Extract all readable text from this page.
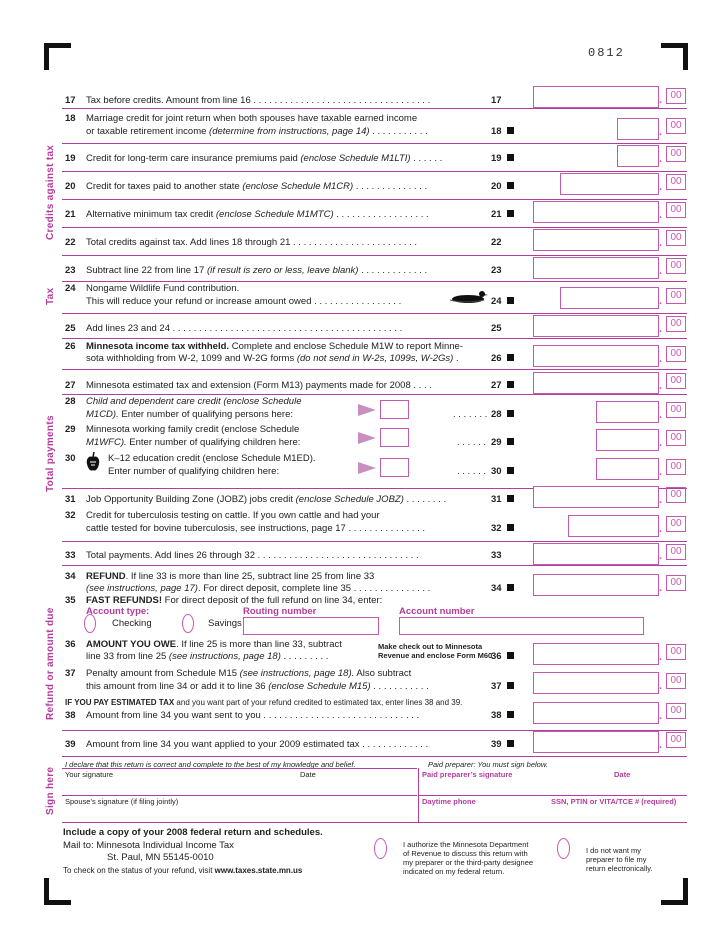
0812
Credits against tax
Tax
Total payments
Refund or amount due
Sign here
17 Tax before credits. Amount from line 16 . . . . . . . . . . . . . . . . . . . . . . . . . . . . . . . . . .	17	. 00
18 Marriage credit for joint return when both spouses have taxable earned income
or taxable retirement income (determine from instructions, page 14) . . . . . . . . . . .	18	.
00
19 Credit for long-term care insurance premiums paid (enclose Schedule M1LTI) . . . . . .	19	. 00
20 Credit for taxes paid to another state (enclose Schedule M1CR) . . . . . . . . . . . . . .	20	. 00
21 Alternative minimum tax credit (enclose Schedule M1MTC) . . . . . . . . . . . . . . . . . .	21	. 00
22 Total credits against tax. Add lines 18 through 21 . . . . . . . . . . . . . . . . . . . . . . . .	22	. 00
23 Subtract line 22 from line 17 (if result is zero or less, leave blank) . . . . . . . . . . . . .	23	. 00
24 Nongame Wildlife Fund contribution.
This will reduce your refund or increase amount owed . . . . . . . . . . . . . . . . .	24	. 00
25 Add lines 23 and 24 . . . . . . . . . . . . . . . . . . . . . . . . . . . . . . . . . . . . . . . . . . . .	25	. 00
26 Minnesota income tax withheld. Complete and enclose Schedule M1W to report Minne-
sota withholding from W-2, 1099 and W-2G forms (do not send in W-2s, 1099s, W-2Gs) .	26	. 00
27 Minnesota estimated tax and extension (Form M13) payments made for 2008 . . . .	27	. 00
28 Child and dependent care credit (enclose Schedule
M1CD). Enter number of qualifying persons here:	. . . . . . . 28	. 00
29 Minnesota working family credit (enclose Schedule
M1WFC). Enter number of qualifying children here:	. . . . . . 29	. 00
30	K–12 education credit (enclose Schedule M1ED).
Enter number of qualifying children here:	. . . . . . 30	. 00
31 Job Opportunity Building Zone (JOBZ) jobs credit (enclose Schedule JOBZ) . . . . . . . .	31	. 00
32 Credit for tuberculosis testing on cattle. If you own cattle and had your
cattle tested for bovine tuberculosis, see instructions, page 17 . . . . . . . . . . . . . . .	32	. 00
33 Total payments. Add lines 26 through 32 . . . . . . . . . . . . . . . . . . . . . . . . . . . . . . .	33	. 00
34 REFUND. If line 33 is more than line 25, subtract line 25 from line 33
(see instructions, page 17). For direct deposit, complete line 35 . . . . . . . . . . . . . . .	34	. 00
35 FAST REFUNDS! For direct deposit of the full refund on line 34, enter:
Account type:	Routing number	Account number
Checking	Savings
36 AMOUNT YOU OWE. If line 25 is more than line 33, subtract
line 33 from line 25 (see instructions, page 18) . . . . . . . . .
Make check out to Minnesota
Revenue and enclose Form M60
36	. 00
37 Penalty amount from Schedule M15 (see instructions, page 18). Also subtract
this amount from line 34 or add it to line 36 (enclose Schedule M15) . . . . . . . . . . .	37	. 00
IF YOU PAY ESTIMATED TAX and you want part of your refund credited to estimated tax, enter lines 38 and 39.
38 Amount from line 34 you want sent to you . . . . . . . . . . . . . . . . . . . . . . . . . . . . . .	38	. 00
39 Amount from line 34 you want applied to your 2009 estimated tax . . . . . . . . . . . . .	39	. 00
I declare that this return is correct and complete to the best of my knowledge and belief.	Paid preparer: You must sign below.
Your signature	Date	Paid preparer’s signature	Date
Spouse’s signature (if filing jointly)	Daytime phone	SSN, PTIN or VITA/TCE # (required)
Include a copy of your 2008 federal return and schedules.
Mail to: Minnesota Individual Income Tax
St. Paul, MN 55145-0010
To check on the status of your refund, visit www.taxes.state.mn.us
I authorize the Minnesota Department
of Revenue to discuss this return with
my preparer or the third-party designee
indicated on my federal return.
I do not want my
preparer to file my
return electronically.
